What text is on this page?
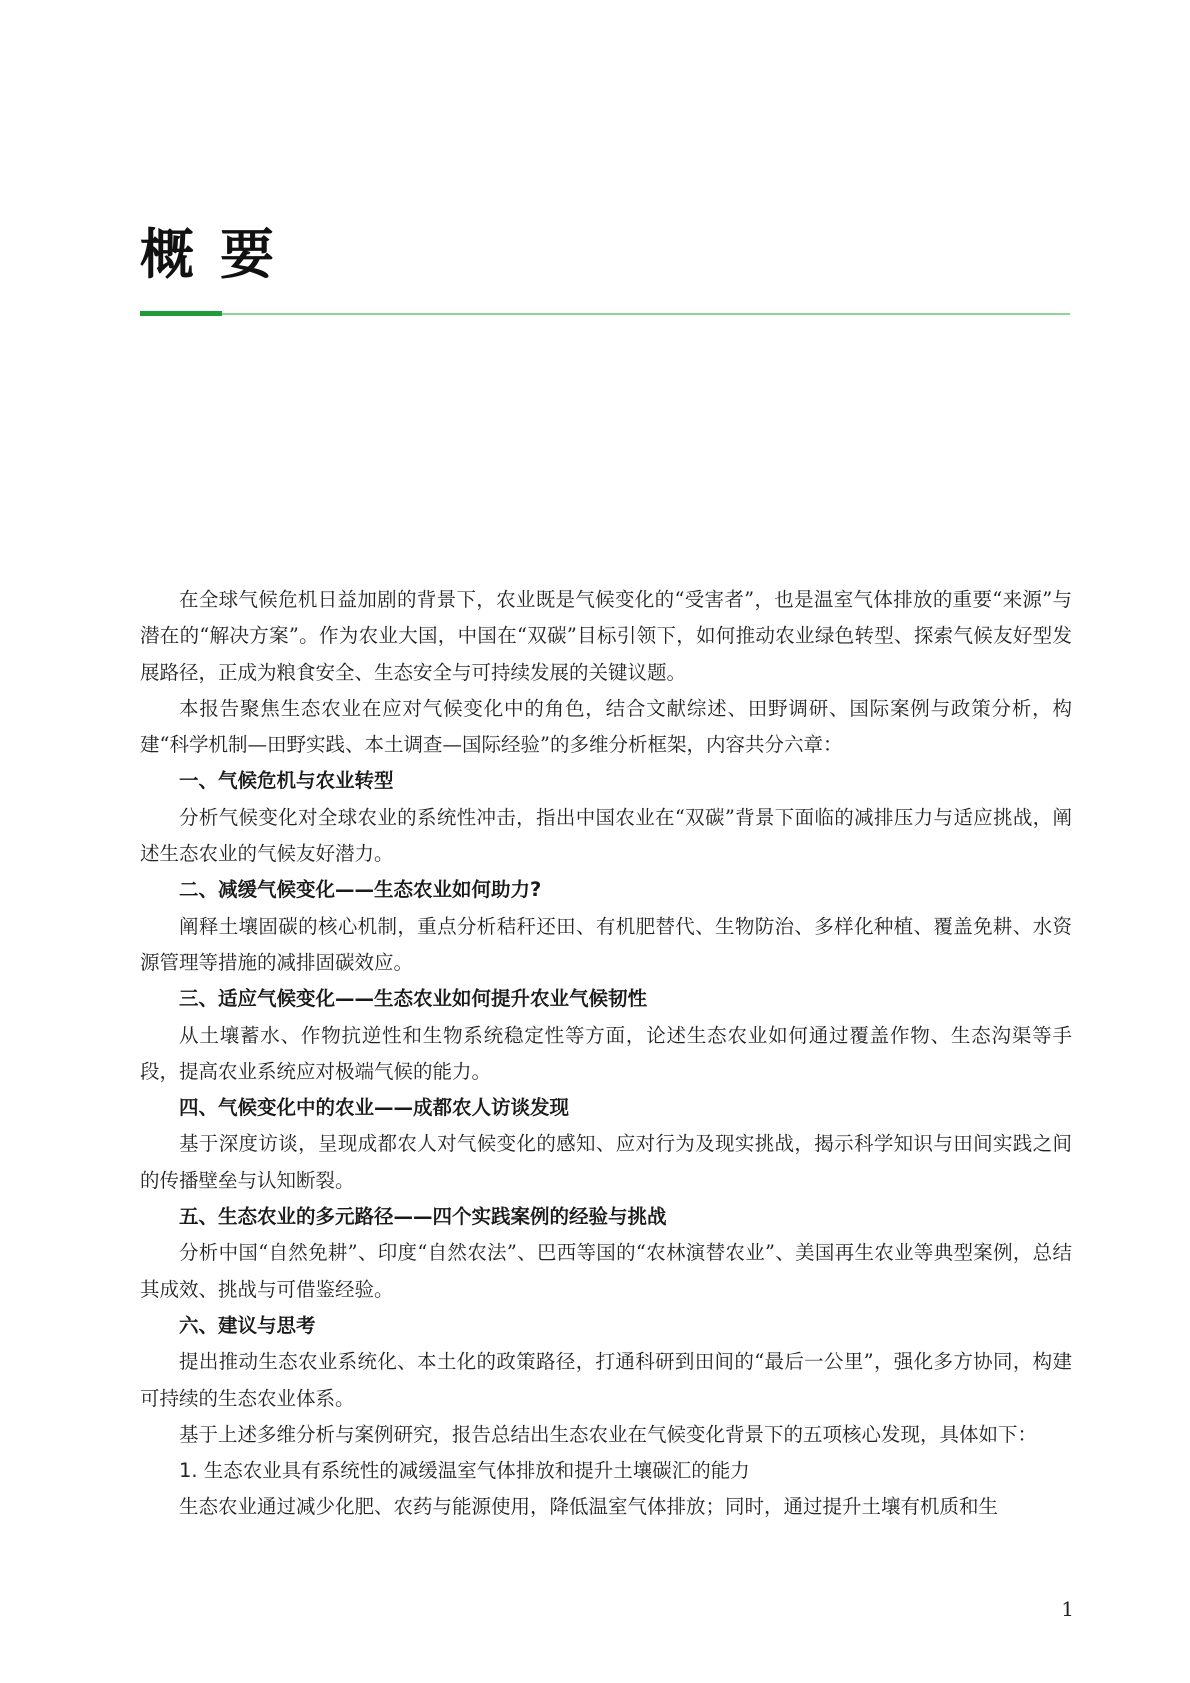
概要

在全球气候危机日益加剧的背景下，农业既是气候变化的“受害者”，也是温室气体排放的重要“来源”与潜在的“解决方案”。作为农业大国，中国在“双碳”目标引领下，如何推动农业绿色转型、探索气候友好型发展路径，正成为粮食安全、生态安全与可持续发展的关键议题。

本报告聚焦生态农业在应对气候变化中的角色，结合文献综述、田野调研、国际案例与政策分析，构建“科学机制—田野实践、本土调查—国际经验”的多维分析框架，内容共分六章：

一、气候危机与农业转型

分析气候变化对全球农业的系统性冲击，指出中国农业在“双碳”背景下面临的减排压力与适应挑战，阐述生态农业的气候友好潜力。

二、减缓气候变化——生态农业如何助力?

阐释土壤固碳的核心机制，重点分析秸秆还田、有机肥替代、生物防治、多样化种植、覆盖免耕、水资源管理等措施的减排固碳效应。

三、适应气候变化——生态农业如何提升农业气候韧性

从土壤蓄水、作物抗逆性和生物系统稳定性等方面，论述生态农业如何通过覆盖作物、生态沟渠等手段，提高农业系统应对极端气候的能力。

四、气候变化中的农业——成都农人访谈发现

基于深度访谈，呈现成都农人对气候变化的感知、应对行为及现实挑战，揭示科学知识与田间实践之间的传播壁垒与认知断裂。

五、生态农业的多元路径——四个实践案例的经验与挑战

分析中国“自然免耕”、印度“自然农法”、巴西等国的“农林演替农业”、美国再生农业等典型案例，总结其成效、挑战与可借鉴经验。

六、建议与思考

提出推动生态农业系统化、本土化的政策路径，打通科研到田间的“最后一公里”，强化多方协同，构建可持续的生态农业体系。

基于上述多维分析与案例研究，报告总结出生态农业在气候变化背景下的五项核心发现，具体如下：

1. 生态农业具有系统性的减缓温室气体排放和提升土壤碳汇的能力

生态农业通过减少化肥、农药与能源使用，降低温室气体排放；同时，通过提升土壤有机质和生

1
